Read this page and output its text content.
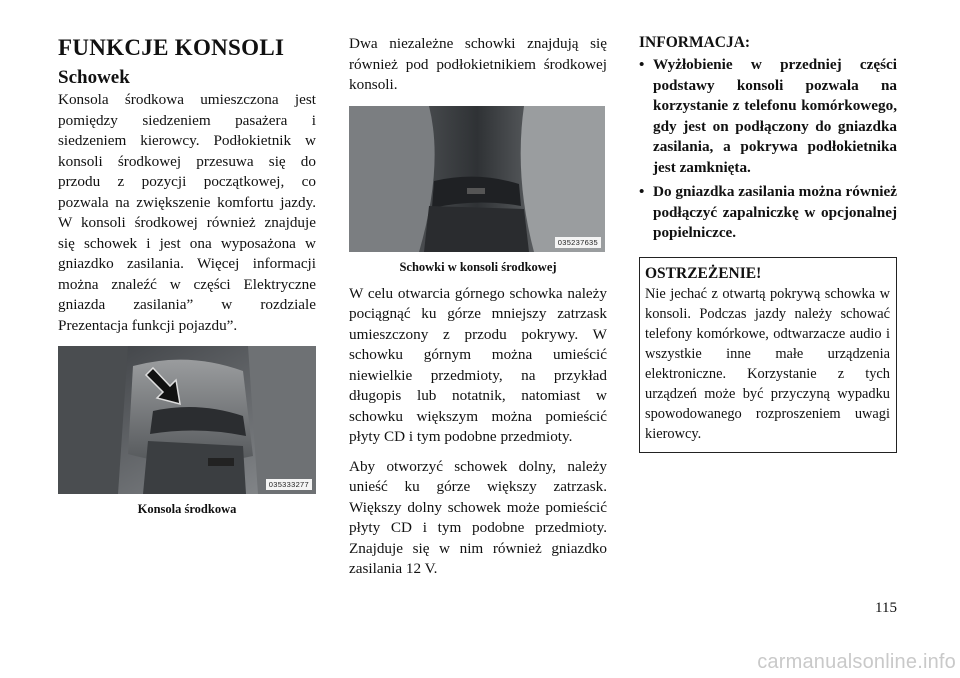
FUNKCJE KONSOLI
Schowek

Konsola środkowa umieszczona jest pomiędzy siedzeniem pasażera i siedzeniem kierowcy. Podłokietnik w konsoli środkowej przesuwa się do przodu z pozycji początkowej, co pozwala na zwiększenie komfortu jazdy. W konsoli środkowej również znajduje się schowek i jest ona wyposażona w gniazdko zasilania. Więcej informacji można znaleźć w części Elektryczne gniazda zasilania” w rozdziale Prezentacja funkcji pojazdu”.

035333277
Konsola środkowa

Dwa niezależne schowki znajdują się również pod podłokietnikiem środkowej konsoli.

035237635
Schowki w konsoli środkowej

W celu otwarcia górnego schowka należy pociągnąć ku górze mniejszy zatrzask umieszczony z przodu pokrywy. W schowku górnym można umieścić niewielkie przedmioty, na przykład długopis lub notatnik, natomiast w schowku większym można pomieścić płyty CD i tym podobne przedmioty.

Aby otworzyć schowek dolny, należy unieść ku górze większy zatrzask. Większy dolny schowek może pomieścić płyty CD i tym podobne przedmioty. Znajduje się w nim również gniazdko zasilania 12 V.

INFORMACJA:
• Wyżłobienie w przedniej części podstawy konsoli pozwala na korzystanie z telefonu komórkowego, gdy jest on podłączony do gniazdka zasilania, a pokrywa podłokietnika jest zamknięta.
• Do gniazdka zasilania można również podłączyć zapalniczkę w opcjonalnej popielniczce.
OSTRZEŻENIE!

Nie jechać z otwartą pokrywą schowka w konsoli. Podczas jazdy należy schować telefony komórkowe, odtwarzacze audio i wszystkie inne małe urządzenia elektroniczne. Korzystanie z tych urządzeń może być przyczyną wypadku spowodowanego rozproszeniem uwagi kierowcy.

115
carmanualsonline.info
